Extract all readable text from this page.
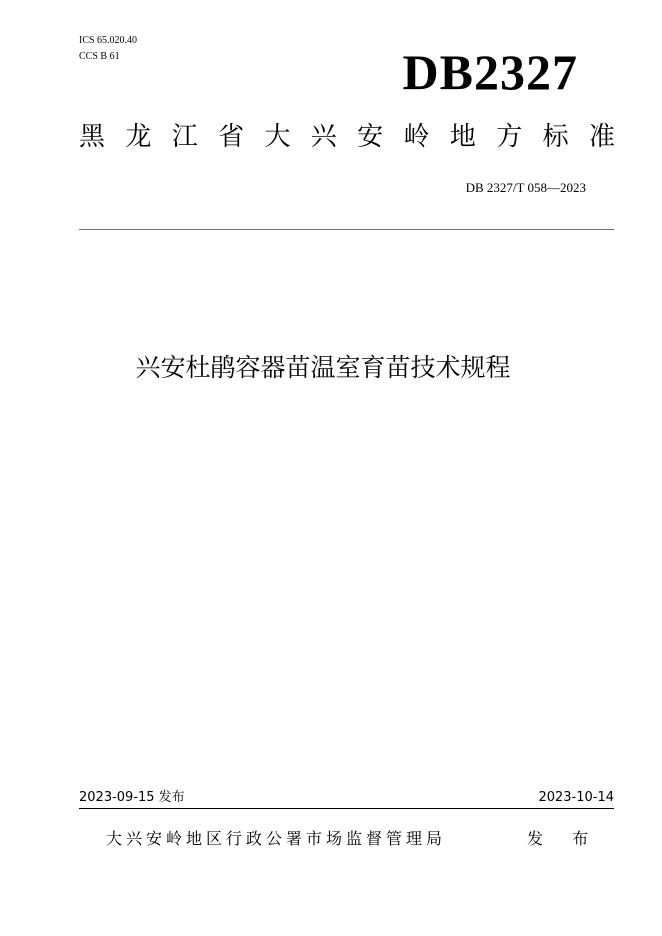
ICS 65.020.40
CCS B 61	DB2327
黑 龙 江 省 大 兴 安 岭 地 方 标 准
DB 2327/T 058—2023
兴安杜鹃容器苗温室育苗技术规程
2023-09-15 发布	2023-10-14
大兴安岭地区行政公署市场监督管理局	发 布
